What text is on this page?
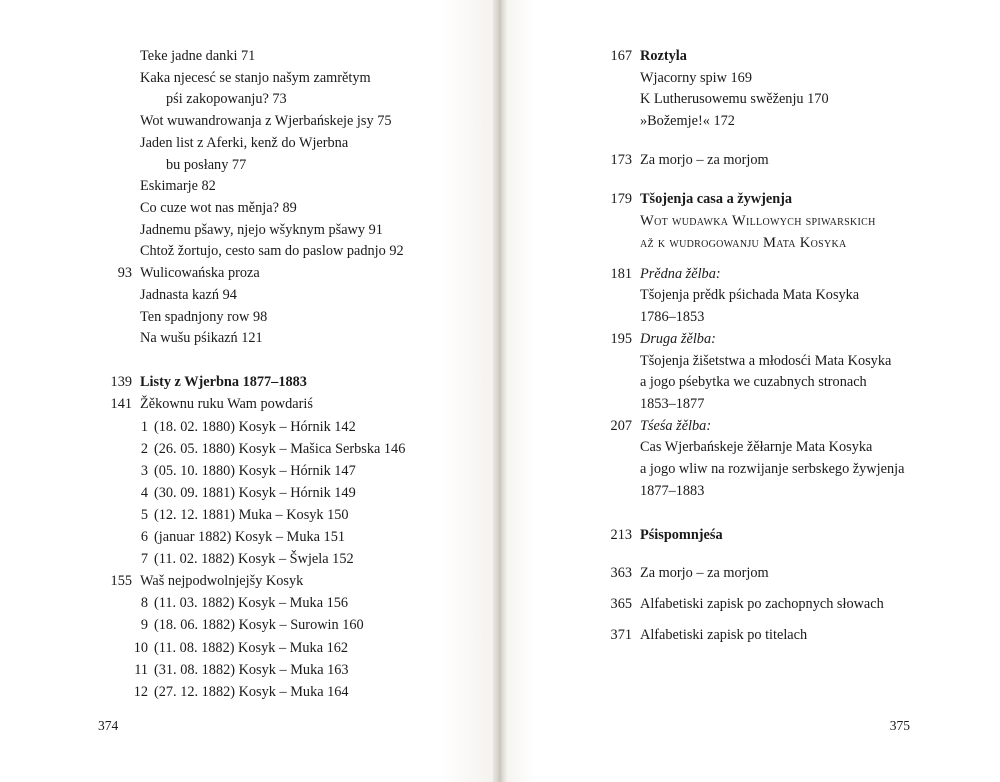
Teke jadne danki 71
Kaka njecesć se stanjo našym zamrětym
pśi zakopowanju? 73
Wot wuwandrowanja z Wjerbańskeje jsy 75
Jaden list z Aferki, kenž do Wjerbna
bu posłany 77
Eskimarje 82
Co cuze wot nas měnja? 89
Jadnemu pšawy, njejo wšyknym pšawy 91
Chtož žortujo, cesto sam do paslow padnjo 92
93 Wulicowańska proza
Jadnasta kazń 94
Ten spadnjony row 98
Na wušu pśikazń 121
139 Listy z Wjerbna 1877–1883
141 Žěkownu ruku Wam powdariś
1 (18. 02. 1880) Kosyk – Hórnik 142
2 (26. 05. 1880) Kosyk – Mašica Serbska 146
3 (05. 10. 1880) Kosyk – Hórnik 147
4 (30. 09. 1881) Kosyk – Hórnik 149
5 (12. 12. 1881) Muka – Kosyk 150
6 (januar 1882) Kosyk – Muka 151
7 (11. 02. 1882) Kosyk – Šwjela 152
155 Waš nejpodwolnjejšy Kosyk
8 (11. 03. 1882) Kosyk – Muka 156
9 (18. 06. 1882) Kosyk – Surowin 160
10 (11. 08. 1882) Kosyk – Muka 162
11 (31. 08. 1882) Kosyk – Muka 163
12 (27. 12. 1882) Kosyk – Muka 164
374
167 Roztyla
Wjacorny spiw 169
K Lutherusowemu swěženju 170
»Božemje!« 172
173 Za morjo – za morjom
179 Tšojenja casa a žywjenja
Wot wudawka Willowych spiwarskich
až k wudrogowanju Mata Kosyka
181 Prědna žělba:
Tšojenja prědk pśichada Mata Kosyka
1786–1853
195 Druga žělba:
Tšojenja žišetstwa a młodosći Mata Kosyka
a jogo pśebytka we cuzabnych stronach
1853–1877
207 Tśeśa žělba:
Cas Wjerbańskeje žěłarnje Mata Kosyka
a jogo wliw na rozwijanje serbskego žywjenja
1877–1883
213 Pśispomnjeśa
363 Za morjo – za morjom
365 Alfabetiski zapisk po zachopnych słowach
371 Alfabetiski zapisk po titelach
375
